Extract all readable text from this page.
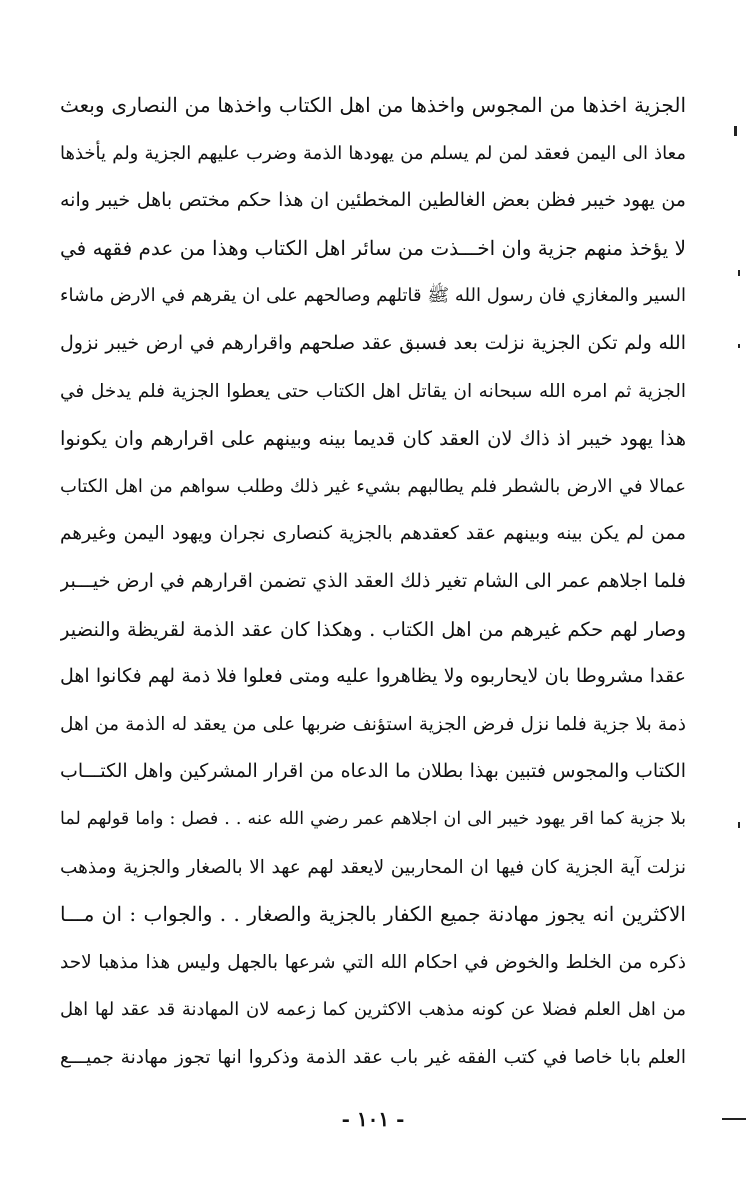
الجزية اخذها من المجوس واخذها من اهل الكتاب واخذها من النصارى وبعث
معاذ الى اليمن فعقد لمن لم يسلم من يهودها الذمة وضرب عليهم الجزية ولم يأخذها
من يهود خيبر فظن بعض الغالطين المخطئين ان هذا حكم مختص باهل خيبر وانه
لا يؤخذ منهم جزية وان اخـــذت من سائر اهل الكتاب وهذا من عدم فقهه في
السير والمغازي فان رسول الله ﷺ قاتلهم وصالحهم على ان يقرهم في الارض ماشاء
الله ولم تكن الجزية نزلت بعد فسبق عقد صلحهم واقرارهم في ارض خيبر نزول
الجزية ثم امره الله سبحانه ان يقاتل اهل الكتاب حتى يعطوا الجزية فلم يدخل في
هذا يهود خيبر اذ ذاك لان العقد كان قديما بينه وبينهم على اقرارهم وان يكونوا
عمالا في الارض بالشطر فلم يطالبهم بشيء غير ذلك وطلب سواهم من اهل الكتاب
ممن لم يكن بينه وبينهم عقد كعقدهم بالجزية كنصارى نجران ويهود اليمن وغيرهم
فلما اجلاهم عمر الى الشام تغير ذلك العقد الذي تضمن اقرارهم في ارض خيـــبر
وصار لهم حكم غيرهم من اهل الكتاب . وهكذا كان عقد الذمة لقريظة والنضير
عقدا مشروطا بان لايحاربوه ولا يظاهروا عليه ومتى فعلوا فلا ذمة لهم فكانوا اهل
ذمة بلا جزية فلما نزل فرض الجزية استؤنف ضربها على من يعقد له الذمة من اهل
الكتاب والمجوس فتبين بهذا بطلان ما الدعاه من اقرار المشركين واهل الكتـــاب
بلا جزية كما اقر يهود خيبر الى ان اجلاهم عمر رضي الله عنه . . فصل : واما قولهم لما
نزلت آية الجزية كان فيها ان المحاربين لايعقد لهم عهد الا بالصغار والجزية ومذهب
الاكثرين انه يجوز مهادنة جميع الكفار بالجزية والصغار . . والجواب : ان مـــا
ذكره من الخلط والخوض في احكام الله التي شرعها بالجهل وليس هذا مذهبا لاحد
من اهل العلم فضلا عن كونه مذهب الاكثرين كما زعمه لان المهادنة قد عقد لها اهل
العلم بابا خاصا في كتب الفقه غير باب عقد الذمة وذكروا انها تجوز مهادنة جميـــع
- ١٠١ -
